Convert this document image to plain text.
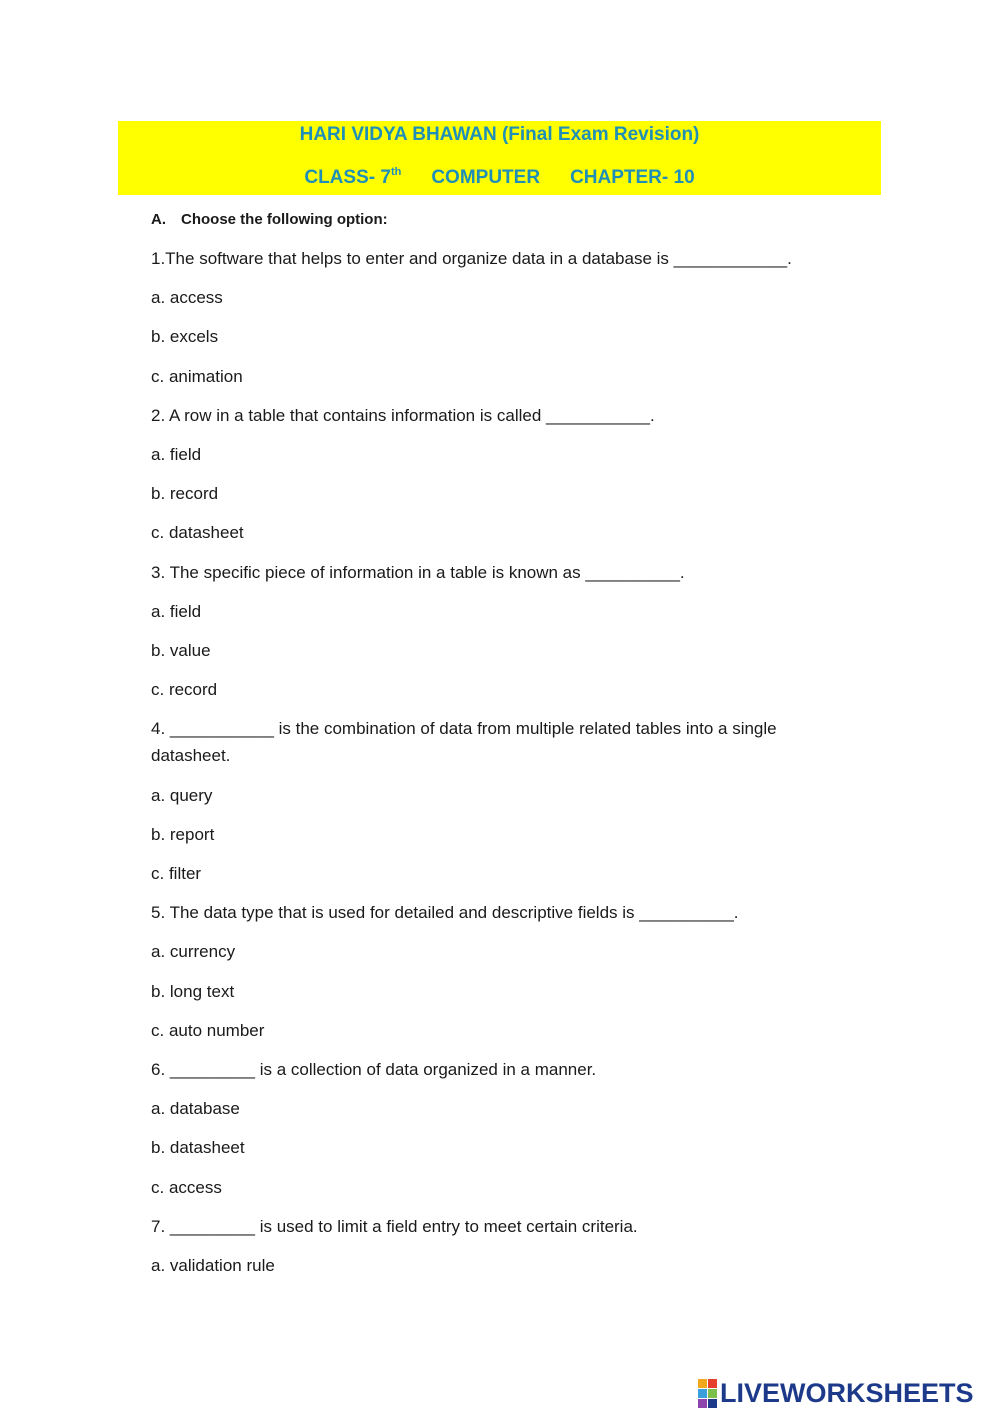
HARI VIDYA BHAWAN (Final Exam Revision)
CLASS- 7th COMPUTER CHAPTER- 10
A. Choose the following option:
1.The software that helps to enter and organize data in a database is ____________.
a. access
b. excels
c. animation
2. A row in a table that contains information is called ___________.
a. field
b. record
c. datasheet
3. The specific piece of information in a table is known as __________.
a. field
b. value
c. record
4. ___________ is the combination of data from multiple related tables into a single datasheet.
a. query
b. report
c. filter
5. The data type that is used for detailed and descriptive fields is __________.
a. currency
b. long text
c. auto number
6. _________ is a collection of data organized in a manner.
a. database
b. datasheet
c. access
7. _________ is used to limit a field entry to meet certain criteria.
a. validation rule
LIVEWORKSHEETS
